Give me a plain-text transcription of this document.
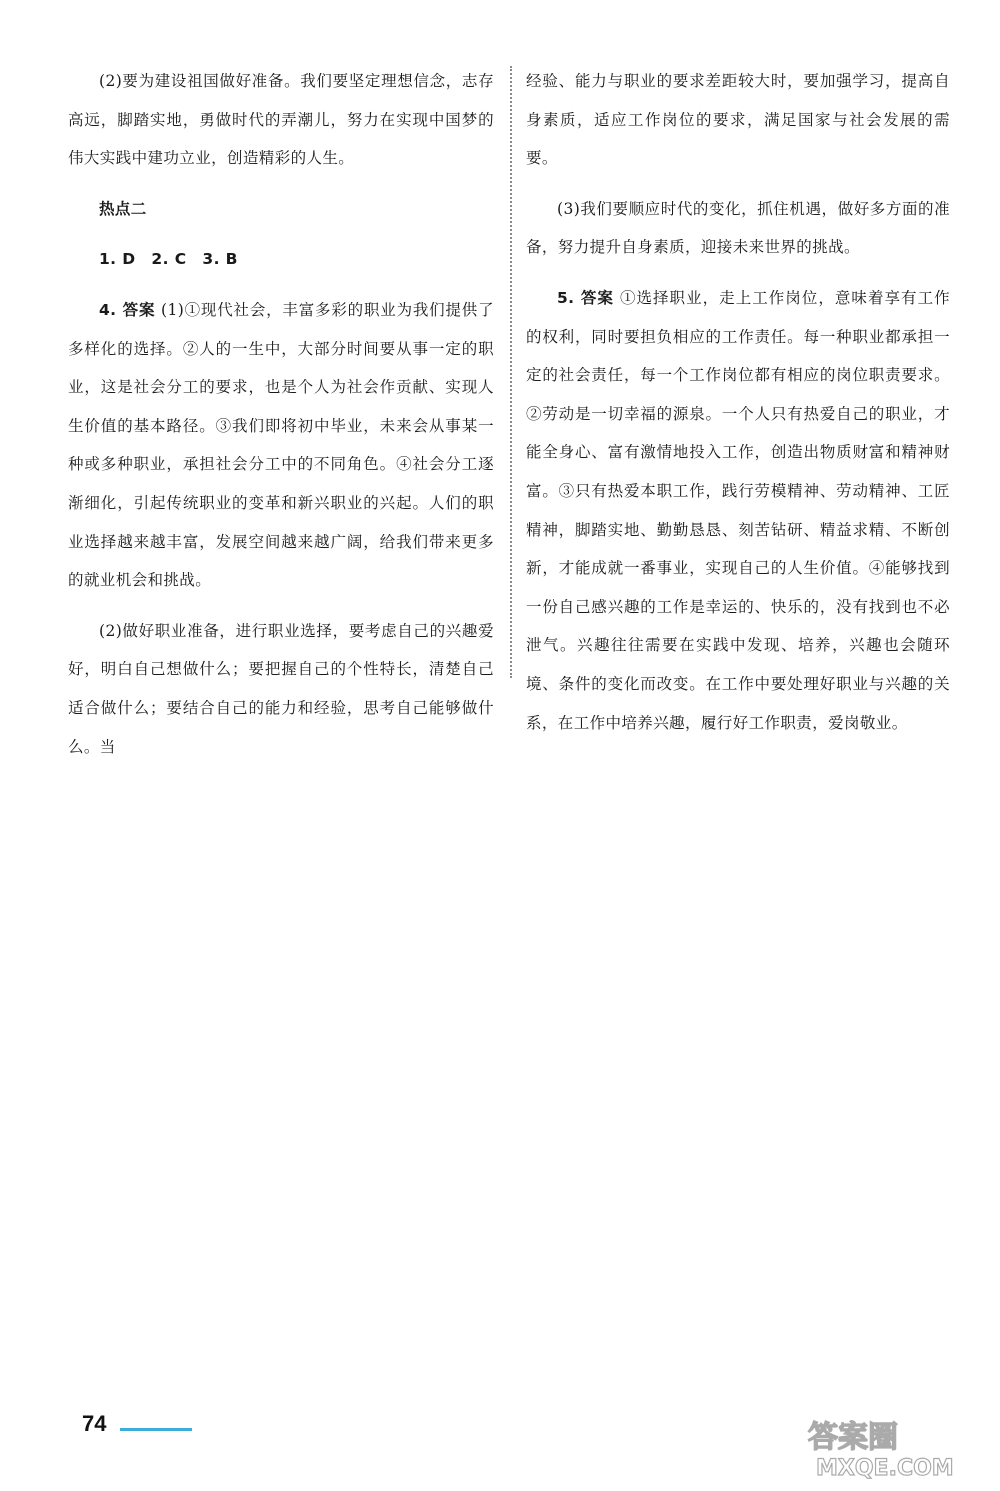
(2)要为建设祖国做好准备。我们要坚定理想信念，志存高远，脚踏实地，勇做时代的弄潮儿，努力在实现中国梦的伟大实践中建功立业，创造精彩的人生。

热点二

1. D　2. C　3. B

4. 答案 (1)①现代社会，丰富多彩的职业为我们提供了多样化的选择。②人的一生中，大部分时间要从事一定的职业，这是社会分工的要求，也是个人为社会作贡献、实现人生价值的基本路径。③我们即将初中毕业，未来会从事某一种或多种职业，承担社会分工中的不同角色。④社会分工逐渐细化，引起传统职业的变革和新兴职业的兴起。人们的职业选择越来越丰富，发展空间越来越广阔，给我们带来更多的就业机会和挑战。

(2)做好职业准备，进行职业选择，要考虑自己的兴趣爱好，明白自己想做什么；要把握自己的个性特长，清楚自己适合做什么；要结合自己的能力和经验，思考自己能够做什么。当

经验、能力与职业的要求差距较大时，要加强学习，提高自身素质，适应工作岗位的要求，满足国家与社会发展的需要。

(3)我们要顺应时代的变化，抓住机遇，做好多方面的准备，努力提升自身素质，迎接未来世界的挑战。

5. 答案 ①选择职业，走上工作岗位，意味着享有工作的权利，同时要担负相应的工作责任。每一种职业都承担一定的社会责任，每一个工作岗位都有相应的岗位职责要求。②劳动是一切幸福的源泉。一个人只有热爱自己的职业，才能全身心、富有激情地投入工作，创造出物质财富和精神财富。③只有热爱本职工作，践行劳模精神、劳动精神、工匠精神，脚踏实地、勤勤恳恳、刻苦钻研、精益求精、不断创新，才能成就一番事业，实现自己的人生价值。④能够找到一份自己感兴趣的工作是幸运的、快乐的，没有找到也不必泄气。兴趣往往需要在实践中发现、培养，兴趣也会随环境、条件的变化而改变。在工作中要处理好职业与兴趣的关系，在工作中培养兴趣，履行好工作职责，爱岗敬业。

74	答案圈
MXQE.COM
